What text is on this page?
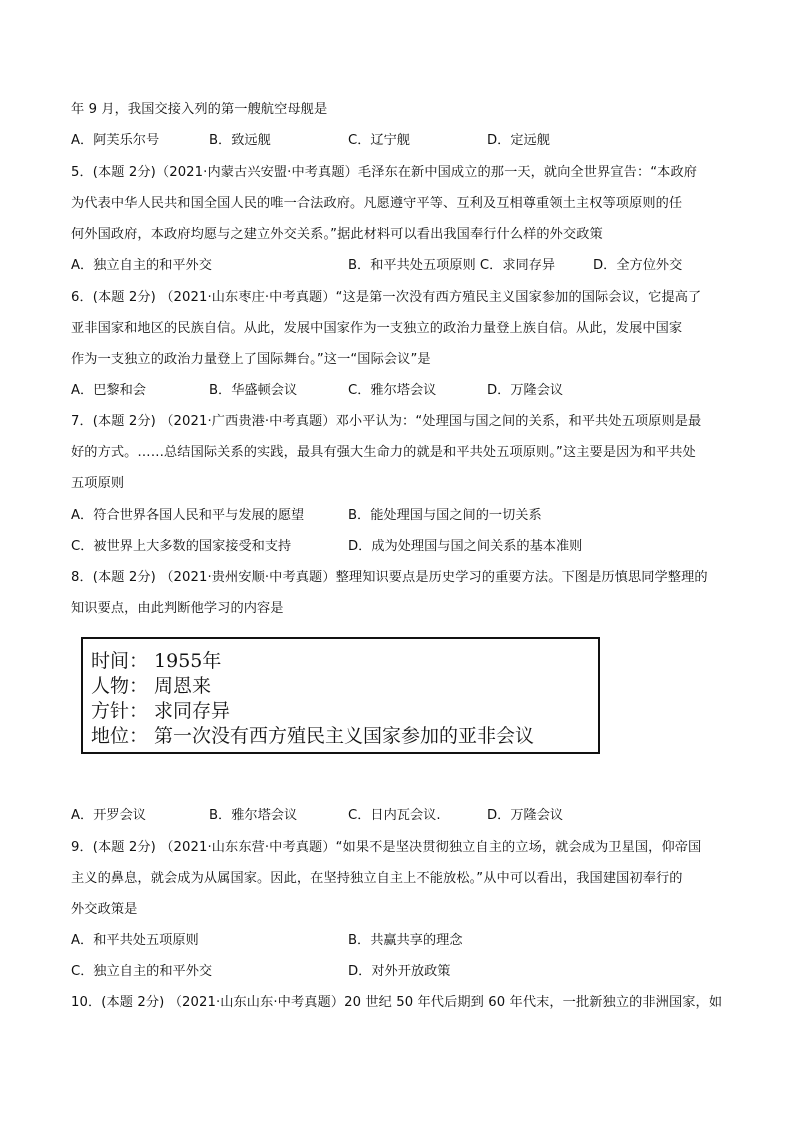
年 9 月，我国交接入列的第一艘航空母舰是
A．阿芙乐尔号	B．致远舰	C．辽宁舰	D．定远舰
5．(本题 2分)（2021·内蒙古兴安盟·中考真题）毛泽东在新中国成立的那一天，就向全世界宣告：“本政府
为代表中华人民共和国全国人民的唯一合法政府。凡愿遵守平等、互利及互相尊重领土主权等项原则的任
何外国政府，本政府均愿与之建立外交关系。”据此材料可以看出我国奉行什么样的外交政策
A．独立自主的和平外交	B．和平共处五项原则 C．求同存异	D．全方位外交
6．(本题 2分) （2021·山东枣庄·中考真题）“这是第一次没有西方殖民主义国家参加的国际会议，它提高了
亚非国家和地区的民族自信。从此，发展中国家作为一支独立的政治力量登上族自信。从此，发展中国家
作为一支独立的政治力量登上了国际舞台。”这一“国际会议”是
A．巴黎和会	B．华盛顿会议	C．雅尔塔会议	D．万隆会议
7．(本题 2分) （2021·广西贵港·中考真题）邓小平认为：“处理国与国之间的关系，和平共处五项原则是最
好的方式。……总结国际关系的实践，最具有强大生命力的就是和平共处五项原则。”这主要是因为和平共处
五项原则
A．符合世界各国人民和平与发展的愿望	B．能处理国与国之间的一切关系
C．被世界上大多数的国家接受和支持	D．成为处理国与国之间关系的基本准则
8．(本题 2分) （2021·贵州安顺·中考真题）整理知识要点是历史学习的重要方法。下图是历慎思同学整理的
知识要点，由此判断他学习的内容是
时间： 1955年
人物： 周恩来
方针： 求同存异
地位： 第一次没有西方殖民主义国家参加的亚非会议
A．开罗会议	B．雅尔塔会议	C．日内瓦会议.	D．万隆会议
9．(本题 2分) （2021·山东东营·中考真题）“如果不是坚决贯彻独立自主的立场，就会成为卫星国，仰帝国
主义的鼻息，就会成为从属国家。因此，在坚持独立自主上不能放松。”从中可以看出，我国建国初奉行的
外交政策是
A．和平共处五项原则	B．共赢共享的理念
C．独立自主的和平外交	D．对外开放政策
10．(本题 2分) （2021·山东山东·中考真题）20 世纪 50 年代后期到 60 年代末，一批新独立的非洲国家，如
